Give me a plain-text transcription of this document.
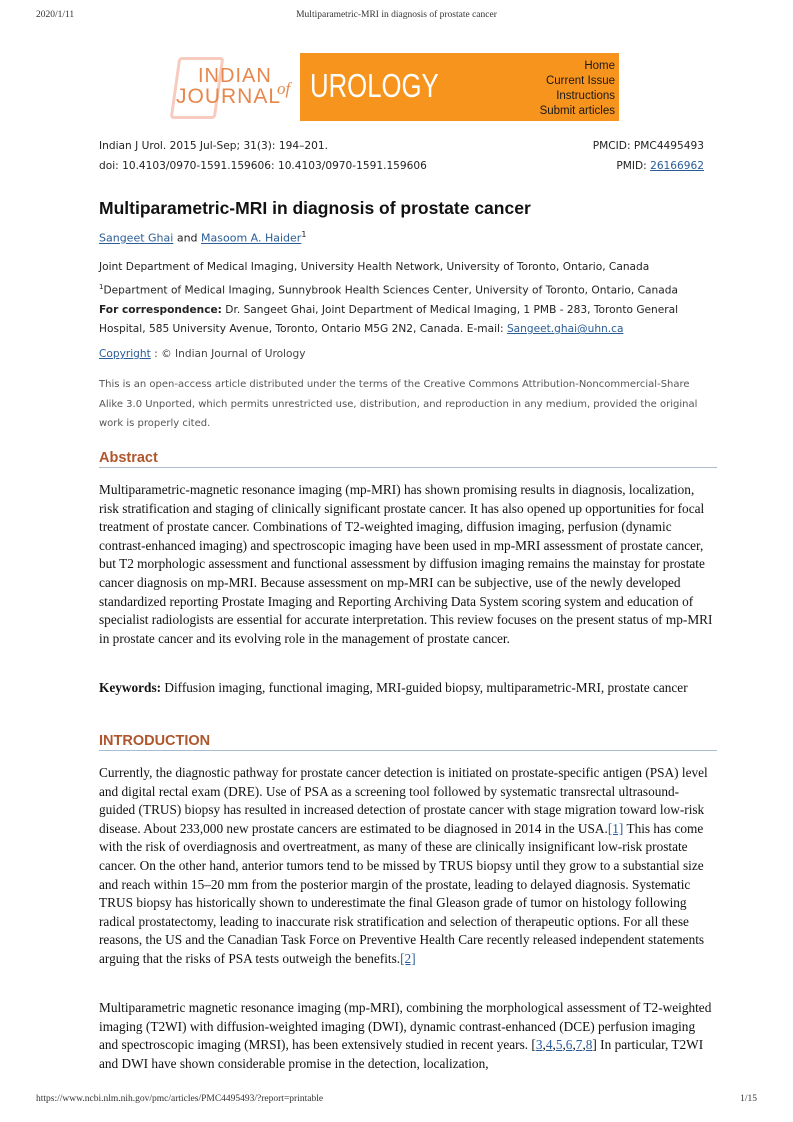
2020/1/11	Multiparametric-MRI in diagnosis of prostate cancer
INDIAN
JOURNAL
of UROLOGY
Home
Current Issue
Instructions
Submit articles
Indian J Urol. 2015 Jul-Sep; 31(3): 194–201.	PMCID: PMC4495493
doi: 10.4103/0970-1591.159606: 10.4103/0970-1591.159606	PMID: 26166962
Multiparametric-MRI in diagnosis of prostate cancer
Sangeet Ghai and Masoom A. Haider$^1$
Joint Department of Medical Imaging, University Health Network, University of Toronto, Ontario, Canada
$^1$Department of Medical Imaging, Sunnybrook Health Sciences Center, University of Toronto, Ontario, Canada
For correspondence: Dr. Sangeet Ghai, Joint Department of Medical Imaging, 1 PMB - 283, Toronto General Hospital, 585 University Avenue, Toronto, Ontario M5G 2N2, Canada. E-mail: Sangeet.ghai@uhn.ca
Copyright : © Indian Journal of Urology
This is an open-access article distributed under the terms of the Creative Commons Attribution-Noncommercial-Share Alike 3.0 Unported, which permits unrestricted use, distribution, and reproduction in any medium, provided the original work is properly cited.
Abstract

Multiparametric-magnetic resonance imaging (mp-MRI) has shown promising results in diagnosis, localization, risk stratification and staging of clinically significant prostate cancer. It has also opened up opportunities for focal treatment of prostate cancer. Combinations of T2-weighted imaging, diffusion imaging, perfusion (dynamic contrast-enhanced imaging) and spectroscopic imaging have been used in mp-MRI assessment of prostate cancer, but T2 morphologic assessment and functional assessment by diffusion imaging remains the mainstay for prostate cancer diagnosis on mp-MRI. Because assessment on mp-MRI can be subjective, use of the newly developed standardized reporting Prostate Imaging and Reporting Archiving Data System scoring system and education of specialist radiologists are essential for accurate interpretation. This review focuses on the present status of mp-MRI in prostate cancer and its evolving role in the management of prostate cancer.

Keywords: Diffusion imaging, functional imaging, MRI-guided biopsy, multiparametric-MRI, prostate cancer

INTRODUCTION

Currently, the diagnostic pathway for prostate cancer detection is initiated on prostate-specific antigen (PSA) level and digital rectal exam (DRE). Use of PSA as a screening tool followed by systematic transrectal ultrasound-guided (TRUS) biopsy has resulted in increased detection of prostate cancer with stage migration toward low-risk disease. About 233,000 new prostate cancers are estimated to be diagnosed in 2014 in the USA.[1] This has come with the risk of overdiagnosis and overtreatment, as many of these are clinically insignificant low-risk prostate cancer. On the other hand, anterior tumors tend to be missed by TRUS biopsy until they grow to a substantial size and reach within 15–20 mm from the posterior margin of the prostate, leading to delayed diagnosis. Systematic TRUS biopsy has historically shown to underestimate the final Gleason grade of tumor on histology following radical prostatectomy, leading to inaccurate risk stratification and selection of therapeutic options. For all these reasons, the US and the Canadian Task Force on Preventive Health Care recently released independent statements arguing that the risks of PSA tests outweigh the benefits.[2]

Multiparametric magnetic resonance imaging (mp-MRI), combining the morphological assessment of T2-weighted imaging (T2WI) with diffusion-weighted imaging (DWI), dynamic contrast-enhanced (DCE) perfusion imaging and spectroscopic imaging (MRSI), has been extensively studied in recent years. [3,4,5,6,7,8] In particular, T2WI and DWI have shown considerable promise in the detection, localization,

https://www.ncbi.nlm.nih.gov/pmc/articles/PMC4495493/?report=printable	1/15
